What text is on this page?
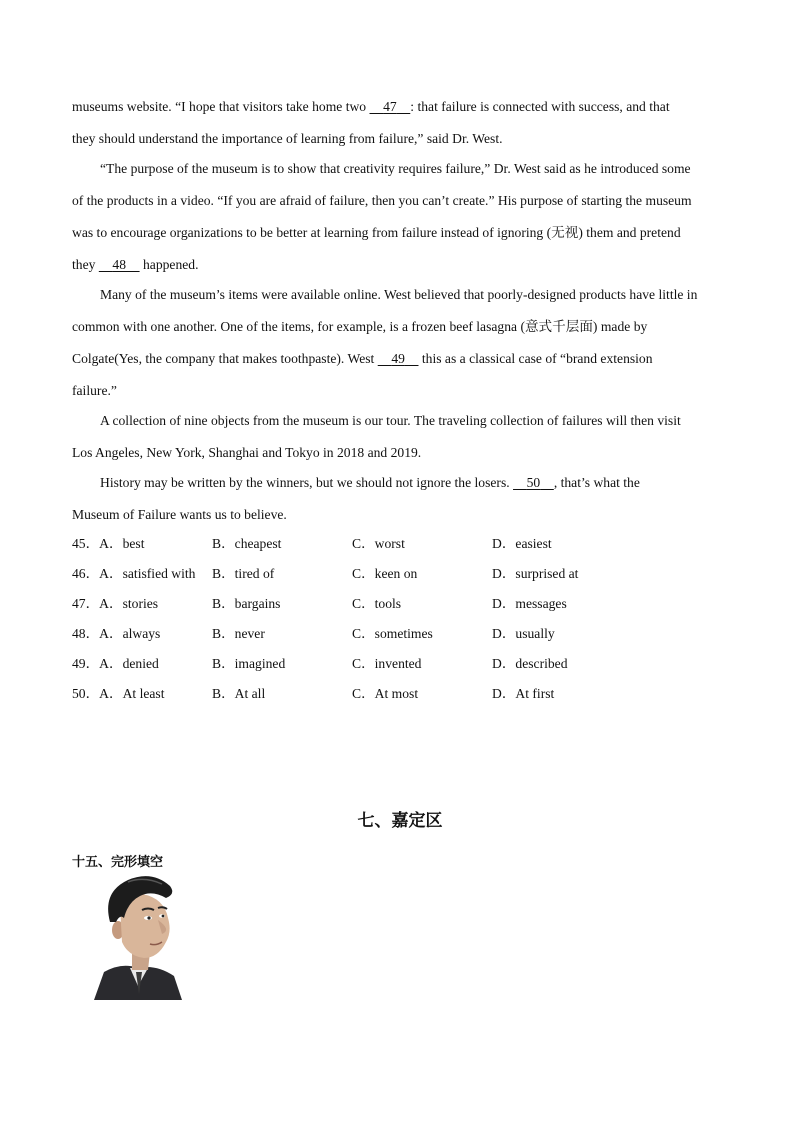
museums website. “I hope that visitors take home two     47 : that failure is connected with success, and that
they should understand the importance of learning from failure,” said Dr. West.
“The purpose of the museum is to show that creativity requires failure,” Dr. West said as he introduced some
of the products in a video. “If you are afraid of failure, then you can’t create.” His purpose of starting the museum
was to encourage organizations to be better at learning from failure instead of ignoring (无视) them and pretend
they     48     happened.
Many of the museum’s items were available online. West believed that poorly-designed products have little in
common with one another. One of the items, for example, is a frozen beef lasagna (意式千层面) made by
Colgate(Yes, the company that makes toothpaste). West     49     this as a classical case of “brand extension
failure.”
A collection of nine objects from the museum is our tour. The traveling collection of failures will then visit
Los Angeles, New York, Shanghai and Tokyo in 2018 and 2019.
History may be written by the winners, but we should not ignore the losers.     50 , that’s what the
Museum of Failure wants us to believe.
45．A．best	B．cheapest	C．worst	D．easiest
46．A．satisfied with B．tired of	C．keen on	D．surprised at
47．A．stories	B．bargains	C．tools	D．messages
48．A．always	B．never	C．sometimes	D．usually
49．A．denied	B．imagined	C．invented	D．described
50．A．At least	B．At all	C．At most	D．At first
七、嘉定区
十五、完形填空
